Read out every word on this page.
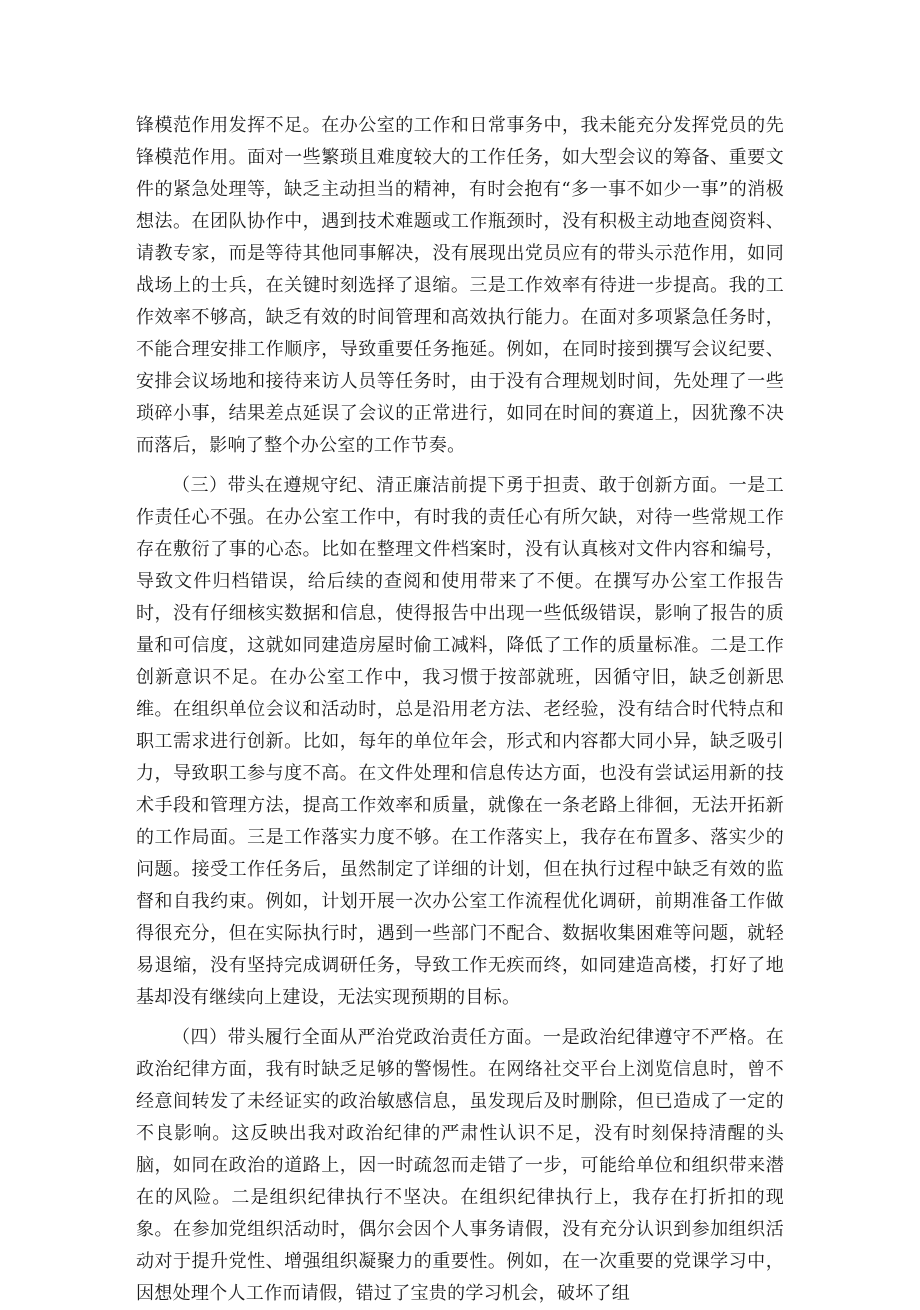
锋模范作用发挥不足。在办公室的工作和日常事务中，我未能充分发挥党员的先锋模范作用。面对一些繁琐且难度较大的工作任务，如大型会议的筹备、重要文件的紧急处理等，缺乏主动担当的精神，有时会抱有“多一事不如少一事”的消极想法。在团队协作中，遇到技术难题或工作瓶颈时，没有积极主动地查阅资料、请教专家，而是等待其他同事解决，没有展现出党员应有的带头示范作用，如同战场上的士兵，在关键时刻选择了退缩。三是工作效率有待进一步提高。我的工作效率不够高，缺乏有效的时间管理和高效执行能力。在面对多项紧急任务时，不能合理安排工作顺序，导致重要任务拖延。例如，在同时接到撰写会议纪要、安排会议场地和接待来访人员等任务时，由于没有合理规划时间，先处理了一些琐碎小事，结果差点延误了会议的正常进行，如同在时间的赛道上，因犹豫不决而落后，影响了整个办公室的工作节奏。

（三）带头在遵规守纪、清正廉洁前提下勇于担责、敢于创新方面。一是工作责任心不强。在办公室工作中，有时我的责任心有所欠缺，对待一些常规工作存在敷衍了事的心态。比如在整理文件档案时，没有认真核对文件内容和编号，导致文件归档错误，给后续的查阅和使用带来了不便。在撰写办公室工作报告时，没有仔细核实数据和信息，使得报告中出现一些低级错误，影响了报告的质量和可信度，这就如同建造房屋时偷工减料，降低了工作的质量标准。二是工作创新意识不足。在办公室工作中，我习惯于按部就班，因循守旧，缺乏创新思维。在组织单位会议和活动时，总是沿用老方法、老经验，没有结合时代特点和职工需求进行创新。比如，每年的单位年会，形式和内容都大同小异，缺乏吸引力，导致职工参与度不高。在文件处理和信息传达方面，也没有尝试运用新的技术手段和管理方法，提高工作效率和质量，就像在一条老路上徘徊，无法开拓新的工作局面。三是工作落实力度不够。在工作落实上，我存在布置多、落实少的问题。接受工作任务后，虽然制定了详细的计划，但在执行过程中缺乏有效的监督和自我约束。例如，计划开展一次办公室工作流程优化调研，前期准备工作做得很充分，但在实际执行时，遇到一些部门不配合、数据收集困难等问题，就轻易退缩，没有坚持完成调研任务，导致工作无疾而终，如同建造高楼，打好了地基却没有继续向上建设，无法实现预期的目标。

（四）带头履行全面从严治党政治责任方面。一是政治纪律遵守不严格。在政治纪律方面，我有时缺乏足够的警惕性。在网络社交平台上浏览信息时，曾不经意间转发了未经证实的政治敏感信息，虽发现后及时删除，但已造成了一定的不良影响。这反映出我对政治纪律的严肃性认识不足，没有时刻保持清醒的头脑，如同在政治的道路上，因一时疏忽而走错了一步，可能给单位和组织带来潜在的风险。二是组织纪律执行不坚决。在组织纪律执行上，我存在打折扣的现象。在参加党组织活动时，偶尔会因个人事务请假，没有充分认识到参加组织活动对于提升党性、增强组织凝聚力的重要性。例如，在一次重要的党课学习中，因想处理个人工作而请假，错过了宝贵的学习机会，破坏了组
